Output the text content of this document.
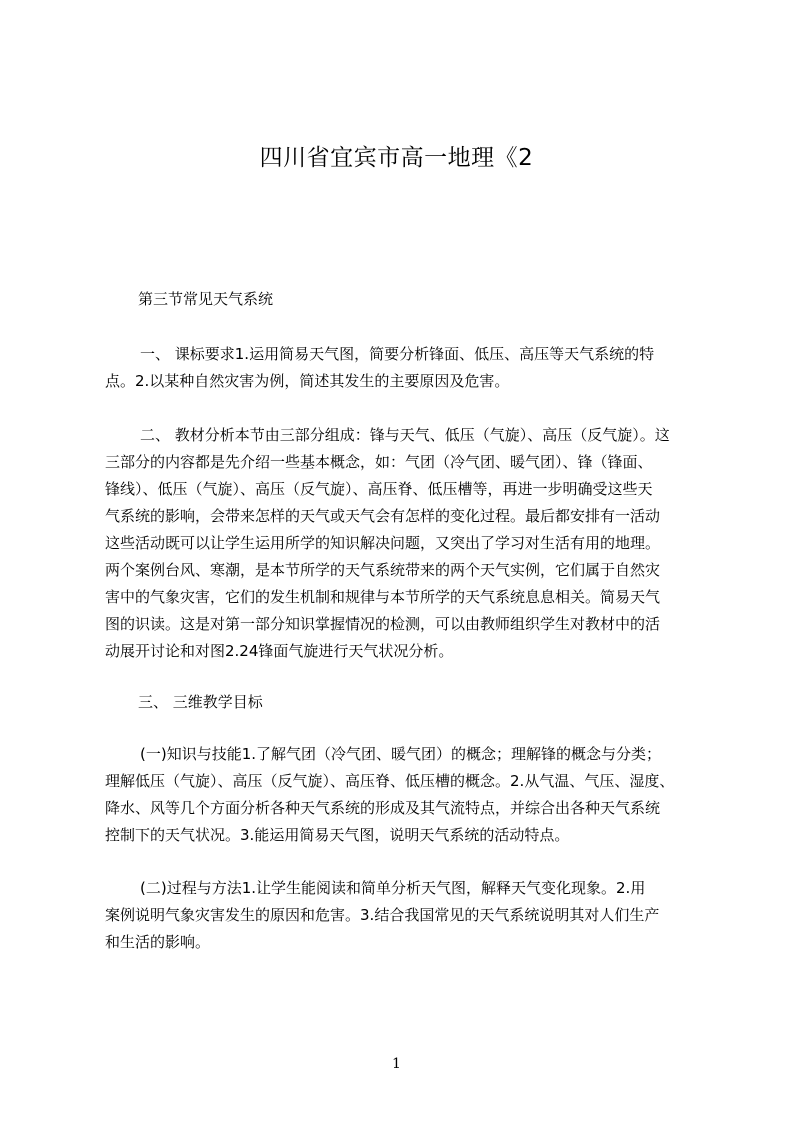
四川省宜宾市高一地理《2
第三节常见天气系统
一、 课标要求1.运用简易天气图，简要分析锋面、低压、高压等天气系统的特
点。2.以某种自然灾害为例，简述其发生的主要原因及危害。
二、 教材分析本节由三部分组成：锋与天气、低压（气旋）、高压（反气旋）。这
三部分的内容都是先介绍一些基本概念，如：气团（冷气团、暖气团）、锋（锋面、
锋线）、低压（气旋）、高压（反气旋）、高压脊、低压槽等，再进一步明确受这些天
气系统的影响，会带来怎样的天气或天气会有怎样的变化过程。最后都安排有一活动
这些活动既可以让学生运用所学的知识解决问题，又突出了学习对生活有用的地理。
两个案例台风、寒潮，是本节所学的天气系统带来的两个天气实例，它们属于自然灾
害中的气象灾害，它们的发生机制和规律与本节所学的天气系统息息相关。简易天气
图的识读。这是对第一部分知识掌握情况的检测，可以由教师组织学生对教材中的活
动展开讨论和对图2.24锋面气旋进行天气状况分析。
三、 三维教学目标
(一)知识与技能1.了解气团（冷气团、暖气团）的概念；理解锋的概念与分类；
理解低压（气旋）、高压（反气旋）、高压脊、低压槽的概念。2.从气温、气压、湿度、
降水、风等几个方面分析各种天气系统的形成及其气流特点，并综合出各种天气系统
控制下的天气状况。3.能运用简易天气图，说明天气系统的活动特点。
(二)过程与方法1.让学生能阅读和简单分析天气图，解释天气变化现象。2.用
案例说明气象灾害发生的原因和危害。3.结合我国常见的天气系统说明其对人们生产
和生活的影响。
1
